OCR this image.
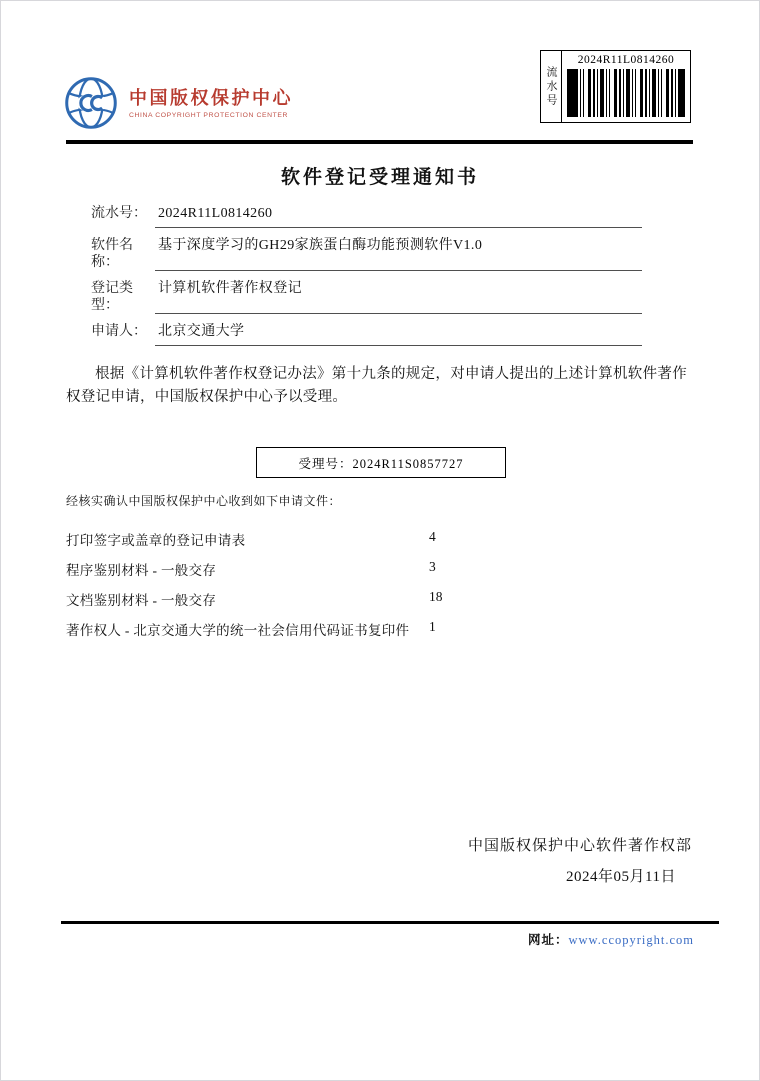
中国版权保护中心
CHINA COPYRIGHT PROTECTION CENTER
流水号
2024R11L0814260
软件登记受理通知书
流水号： 2024R11L0814260
软件名称：
基于深度学习的GH29家族蛋白酶功能预测软件V1.0
登记类型：
计算机软件著作权登记
申请人： 北京交通大学
根据《计算机软件著作权登记办法》第十九条的规定，对申请人提出的上述计算机软件著作权登记申请，中国版权保护中心予以受理。
受理号：2024R11S0857727
经核实确认中国版权保护中心收到如下申请文件：
打印签字或盖章的登记申请表	4
程序鉴别材料 - 一般交存	3
文档鉴别材料 - 一般交存	18
著作权人 - 北京交通大学的统一社会信用代码证书复印件	1
中国版权保护中心软件著作权部
2024年05月11日
网址：www.ccopyright.com
